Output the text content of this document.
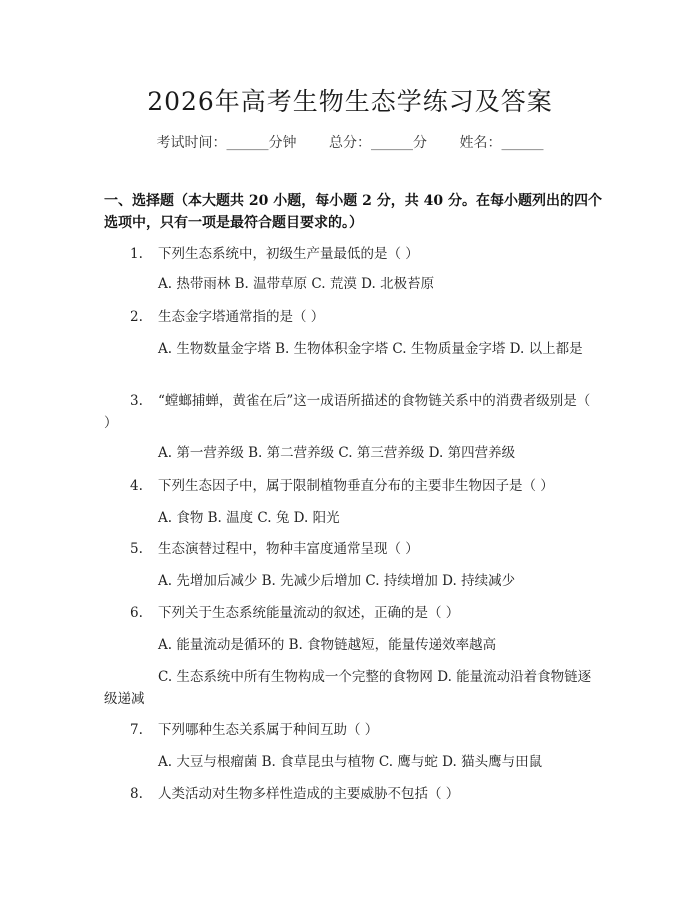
2026年高考生物生态学练习及答案
考试时间：______分钟 总分：______分 姓名：______
一、选择题（本大题共 20 小题，每小题 2 分，共 40 分。在每小题列出的四个选项中，只有一项是最符合题目要求的。）
1. 下列生态系统中，初级生产量最低的是（ ）
A. 热带雨林 B. 温带草原 C. 荒漠 D. 北极苔原
2. 生态金字塔通常指的是（ ）
A. 生物数量金字塔 B. 生物体积金字塔 C. 生物质量金字塔 D. 以上都是
3. “螳螂捕蝉，黄雀在后”这一成语所描述的食物链关系中的消费者级别是（ ）
A. 第一营养级 B. 第二营养级 C. 第三营养级 D. 第四营养级
4. 下列生态因子中，属于限制植物垂直分布的主要非生物因子是（ ）
A. 食物 B. 温度 C. 兔 D. 阳光
5. 生态演替过程中，物种丰富度通常呈现（ ）
A. 先增加后减少 B. 先减少后增加 C. 持续增加 D. 持续减少
6. 下列关于生态系统能量流动的叙述，正确的是（ ）
A. 能量流动是循环的 B. 食物链越短，能量传递效率越高
C. 生态系统中所有生物构成一个完整的食物网 D. 能量流动沿着食物链逐级递减
7. 下列哪种生态关系属于种间互助（ ）
A. 大豆与根瘤菌 B. 食草昆虫与植物 C. 鹰与蛇 D. 猫头鹰与田鼠
8. 人类活动对生物多样性造成的主要威胁不包括（ ）
